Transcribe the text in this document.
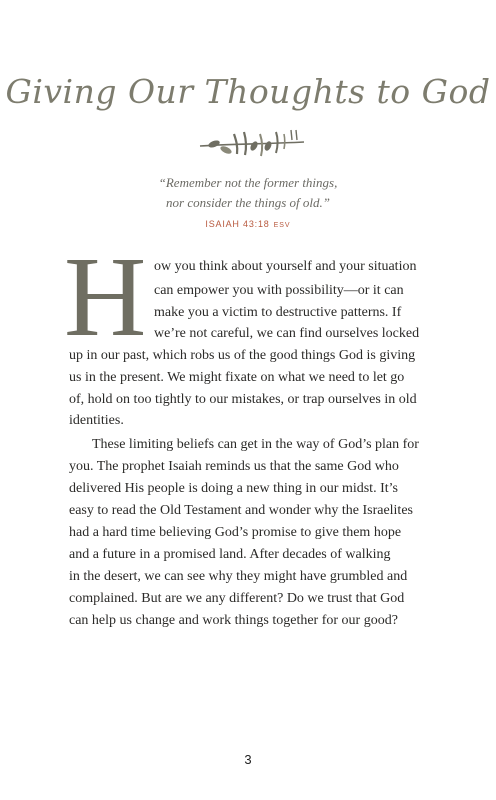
Giving Our Thoughts to God
“Remember not the former things,
nor consider the things of old.”
ISAIAH 43:18 ESV
H ow you think about yourself and your situation
can empower you with possibility—or it can
make you a victim to destructive patterns. If
we’re not careful, we can find ourselves locked
up in our past, which robs us of the good things God is giving
us in the present. We might fixate on what we need to let go
of, hold on too tightly to our mistakes, or trap ourselves in old
identities.
These limiting beliefs can get in the way of God’s plan for
you. The prophet Isaiah reminds us that the same God who
delivered His people is doing a new thing in our midst. It’s
easy to read the Old Testament and wonder why the Israelites
had a hard time believing God’s promise to give them hope
and a future in a promised land. After decades of walking
in the desert, we can see why they might have grumbled and
complained. But are we any different? Do we trust that God
can help us change and work things together for our good?
3
